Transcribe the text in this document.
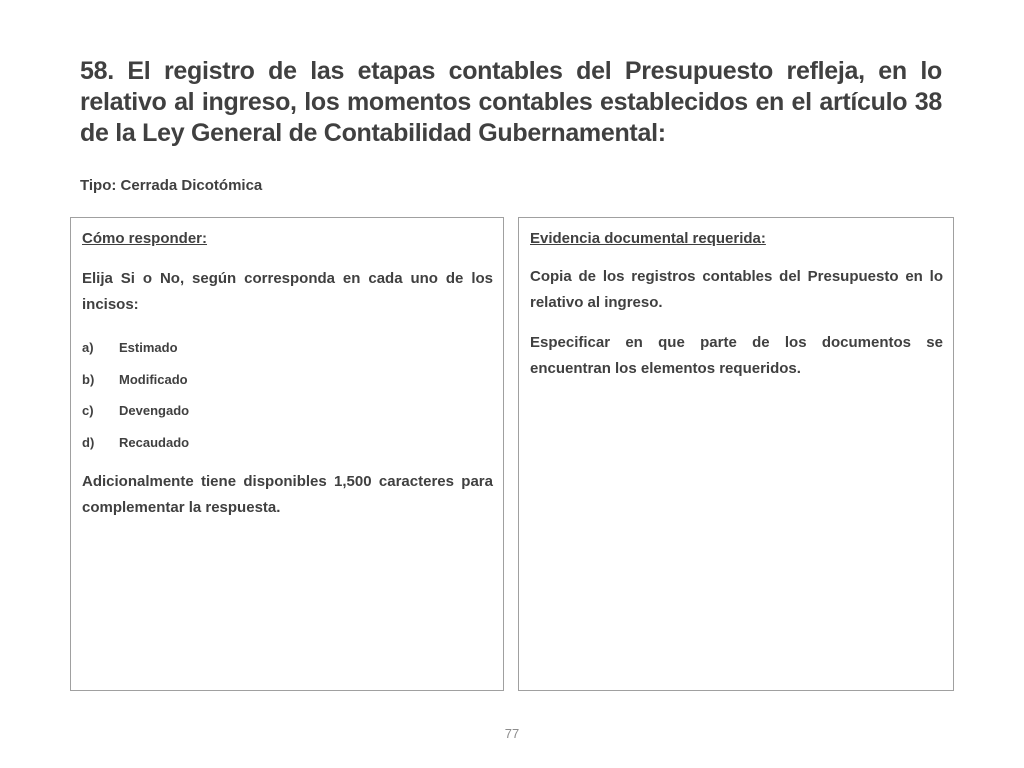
58. El registro de las etapas contables del Presupuesto refleja, en lo relativo al ingreso, los momentos contables establecidos en el artículo 38 de la Ley General de Contabilidad Gubernamental:

Tipo: Cerrada Dicotómica

Cómo responder:

Elija Si o No, según corresponda en cada uno de los incisos:

a)	Estimado
b)	Modificado
c)	Devengado
d)	Recaudado

Adicionalmente tiene disponibles 1,500 caracteres para complementar la respuesta.

Evidencia documental requerida:

Copia de los registros contables del Presupuesto en lo relativo al ingreso.

Especificar en que parte de los documentos se encuentran los elementos requeridos.

77
